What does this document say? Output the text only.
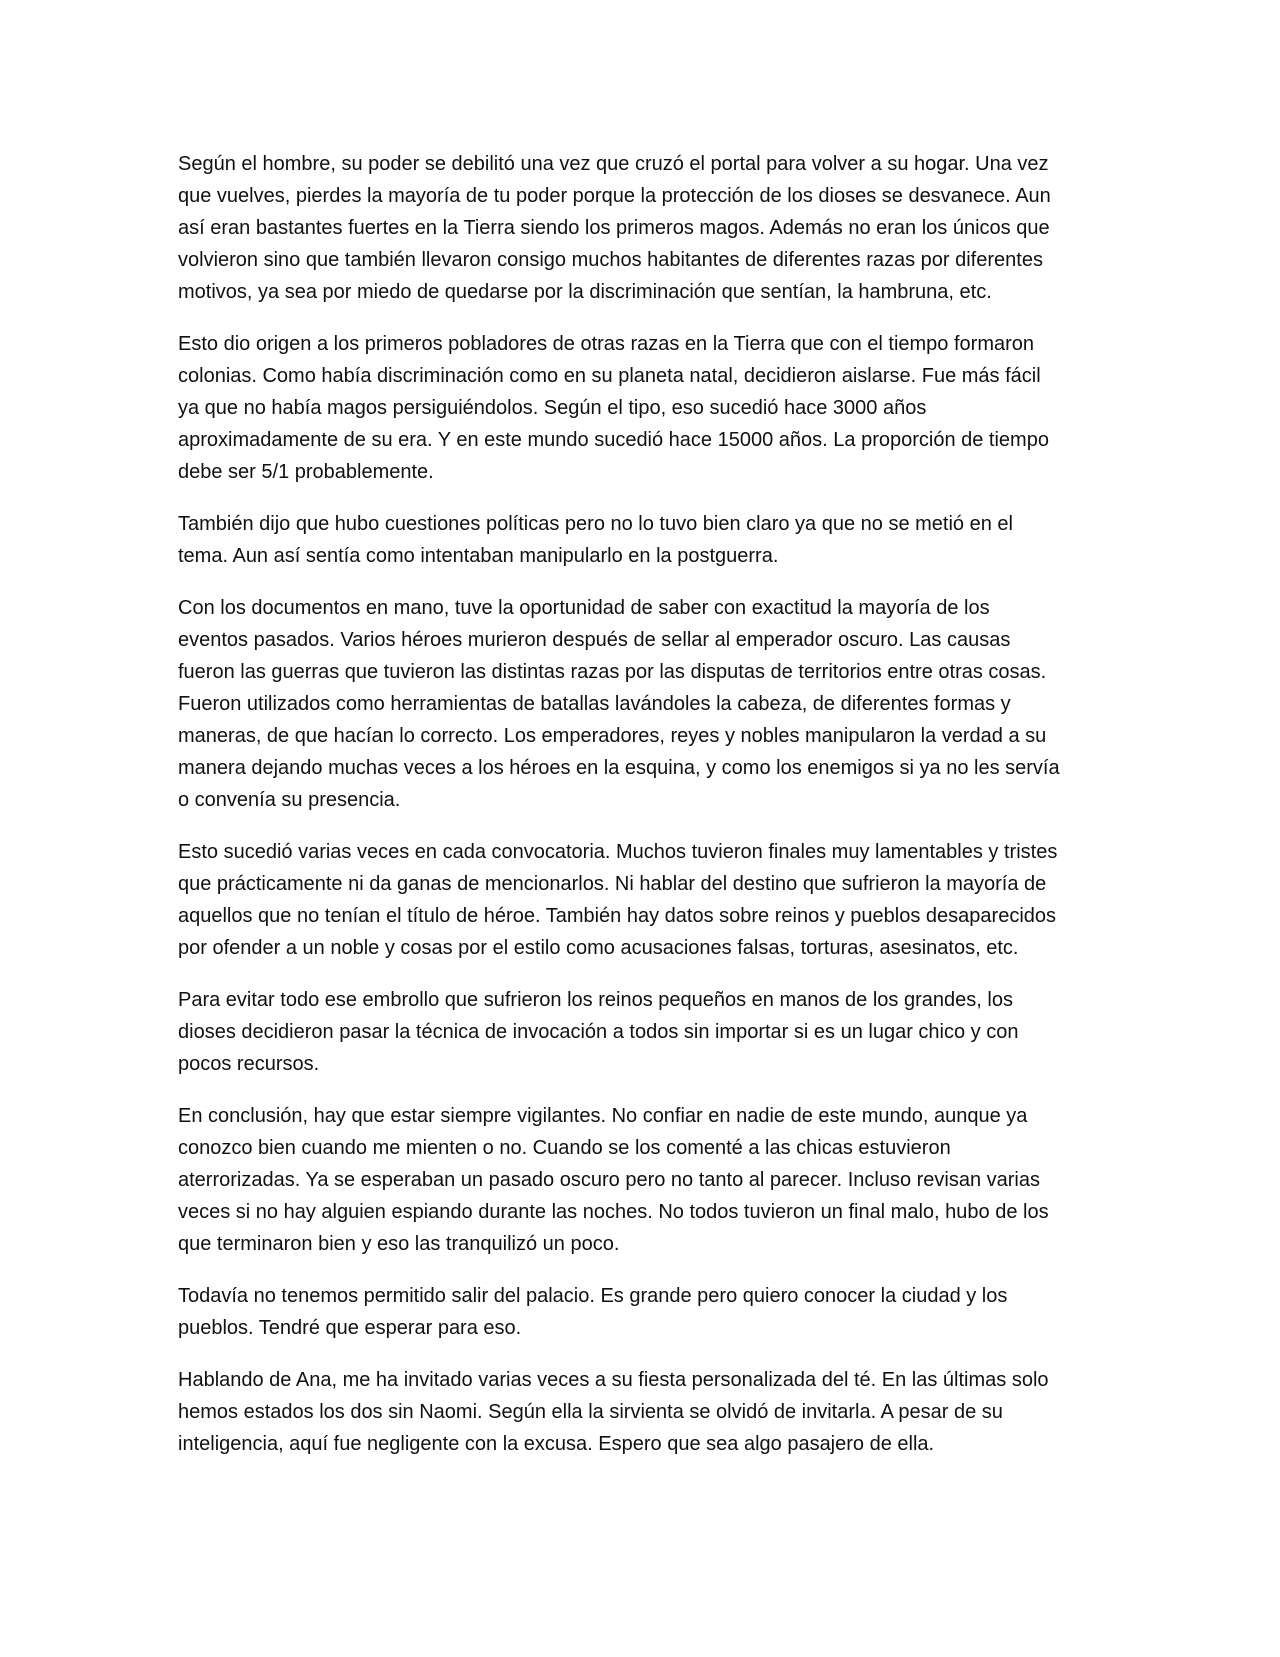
Según el hombre, su poder se debilitó una vez que cruzó el portal para volver a su hogar. Una vez
que vuelves, pierdes la mayoría de tu poder porque la protección de los dioses se desvanece. Aun
así eran bastantes fuertes en la Tierra siendo los primeros magos. Además no eran los únicos que
volvieron sino que también llevaron consigo muchos habitantes de diferentes razas por diferentes
motivos, ya sea por miedo de quedarse por la discriminación que sentían, la hambruna, etc.
Esto dio origen a los primeros pobladores de otras razas en la Tierra que con el tiempo formaron
colonias. Como había discriminación como en su planeta natal, decidieron aislarse. Fue más fácil
ya que no había magos persiguiéndolos. Según el tipo, eso sucedió hace 3000 años
aproximadamente de su era. Y en este mundo sucedió hace 15000 años. La proporción de tiempo
debe ser 5/1 probablemente.
También dijo que hubo cuestiones políticas pero no lo tuvo bien claro ya que no se metió en el
tema. Aun así sentía como intentaban manipularlo en la postguerra.
Con los documentos en mano, tuve la oportunidad de saber con exactitud la mayoría de los
eventos pasados. Varios héroes murieron después de sellar al emperador oscuro. Las causas
fueron las guerras que tuvieron las distintas razas por las disputas de territorios entre otras cosas.
Fueron utilizados como herramientas de batallas lavándoles la cabeza, de diferentes formas y
maneras, de que hacían lo correcto. Los emperadores, reyes y nobles manipularon la verdad a su
manera dejando muchas veces a los héroes en la esquina, y como los enemigos si ya no les servía
o convenía su presencia.
Esto sucedió varias veces en cada convocatoria. Muchos tuvieron finales muy lamentables y tristes
que prácticamente ni da ganas de mencionarlos. Ni hablar del destino que sufrieron la mayoría de
aquellos que no tenían el título de héroe. También hay datos sobre reinos y pueblos desaparecidos
por ofender a un noble y cosas por el estilo como acusaciones falsas, torturas, asesinatos, etc.
Para evitar todo ese embrollo que sufrieron los reinos pequeños en manos de los grandes, los
dioses decidieron pasar la técnica de invocación a todos sin importar si es un lugar chico y con
pocos recursos.
En conclusión, hay que estar siempre vigilantes. No confiar en nadie de este mundo, aunque ya
conozco bien cuando me mienten o no. Cuando se los comenté a las chicas estuvieron
aterrorizadas. Ya se esperaban un pasado oscuro pero no tanto al parecer. Incluso revisan varias
veces si no hay alguien espiando durante las noches. No todos tuvieron un final malo, hubo de los
que terminaron bien y eso las tranquilizó un poco.
Todavía no tenemos permitido salir del palacio. Es grande pero quiero conocer la ciudad y los
pueblos. Tendré que esperar para eso.
Hablando de Ana, me ha invitado varias veces a su fiesta personalizada del té. En las últimas solo
hemos estados los dos sin Naomi. Según ella la sirvienta se olvidó de invitarla. A pesar de su
inteligencia, aquí fue negligente con la excusa. Espero que sea algo pasajero de ella.
